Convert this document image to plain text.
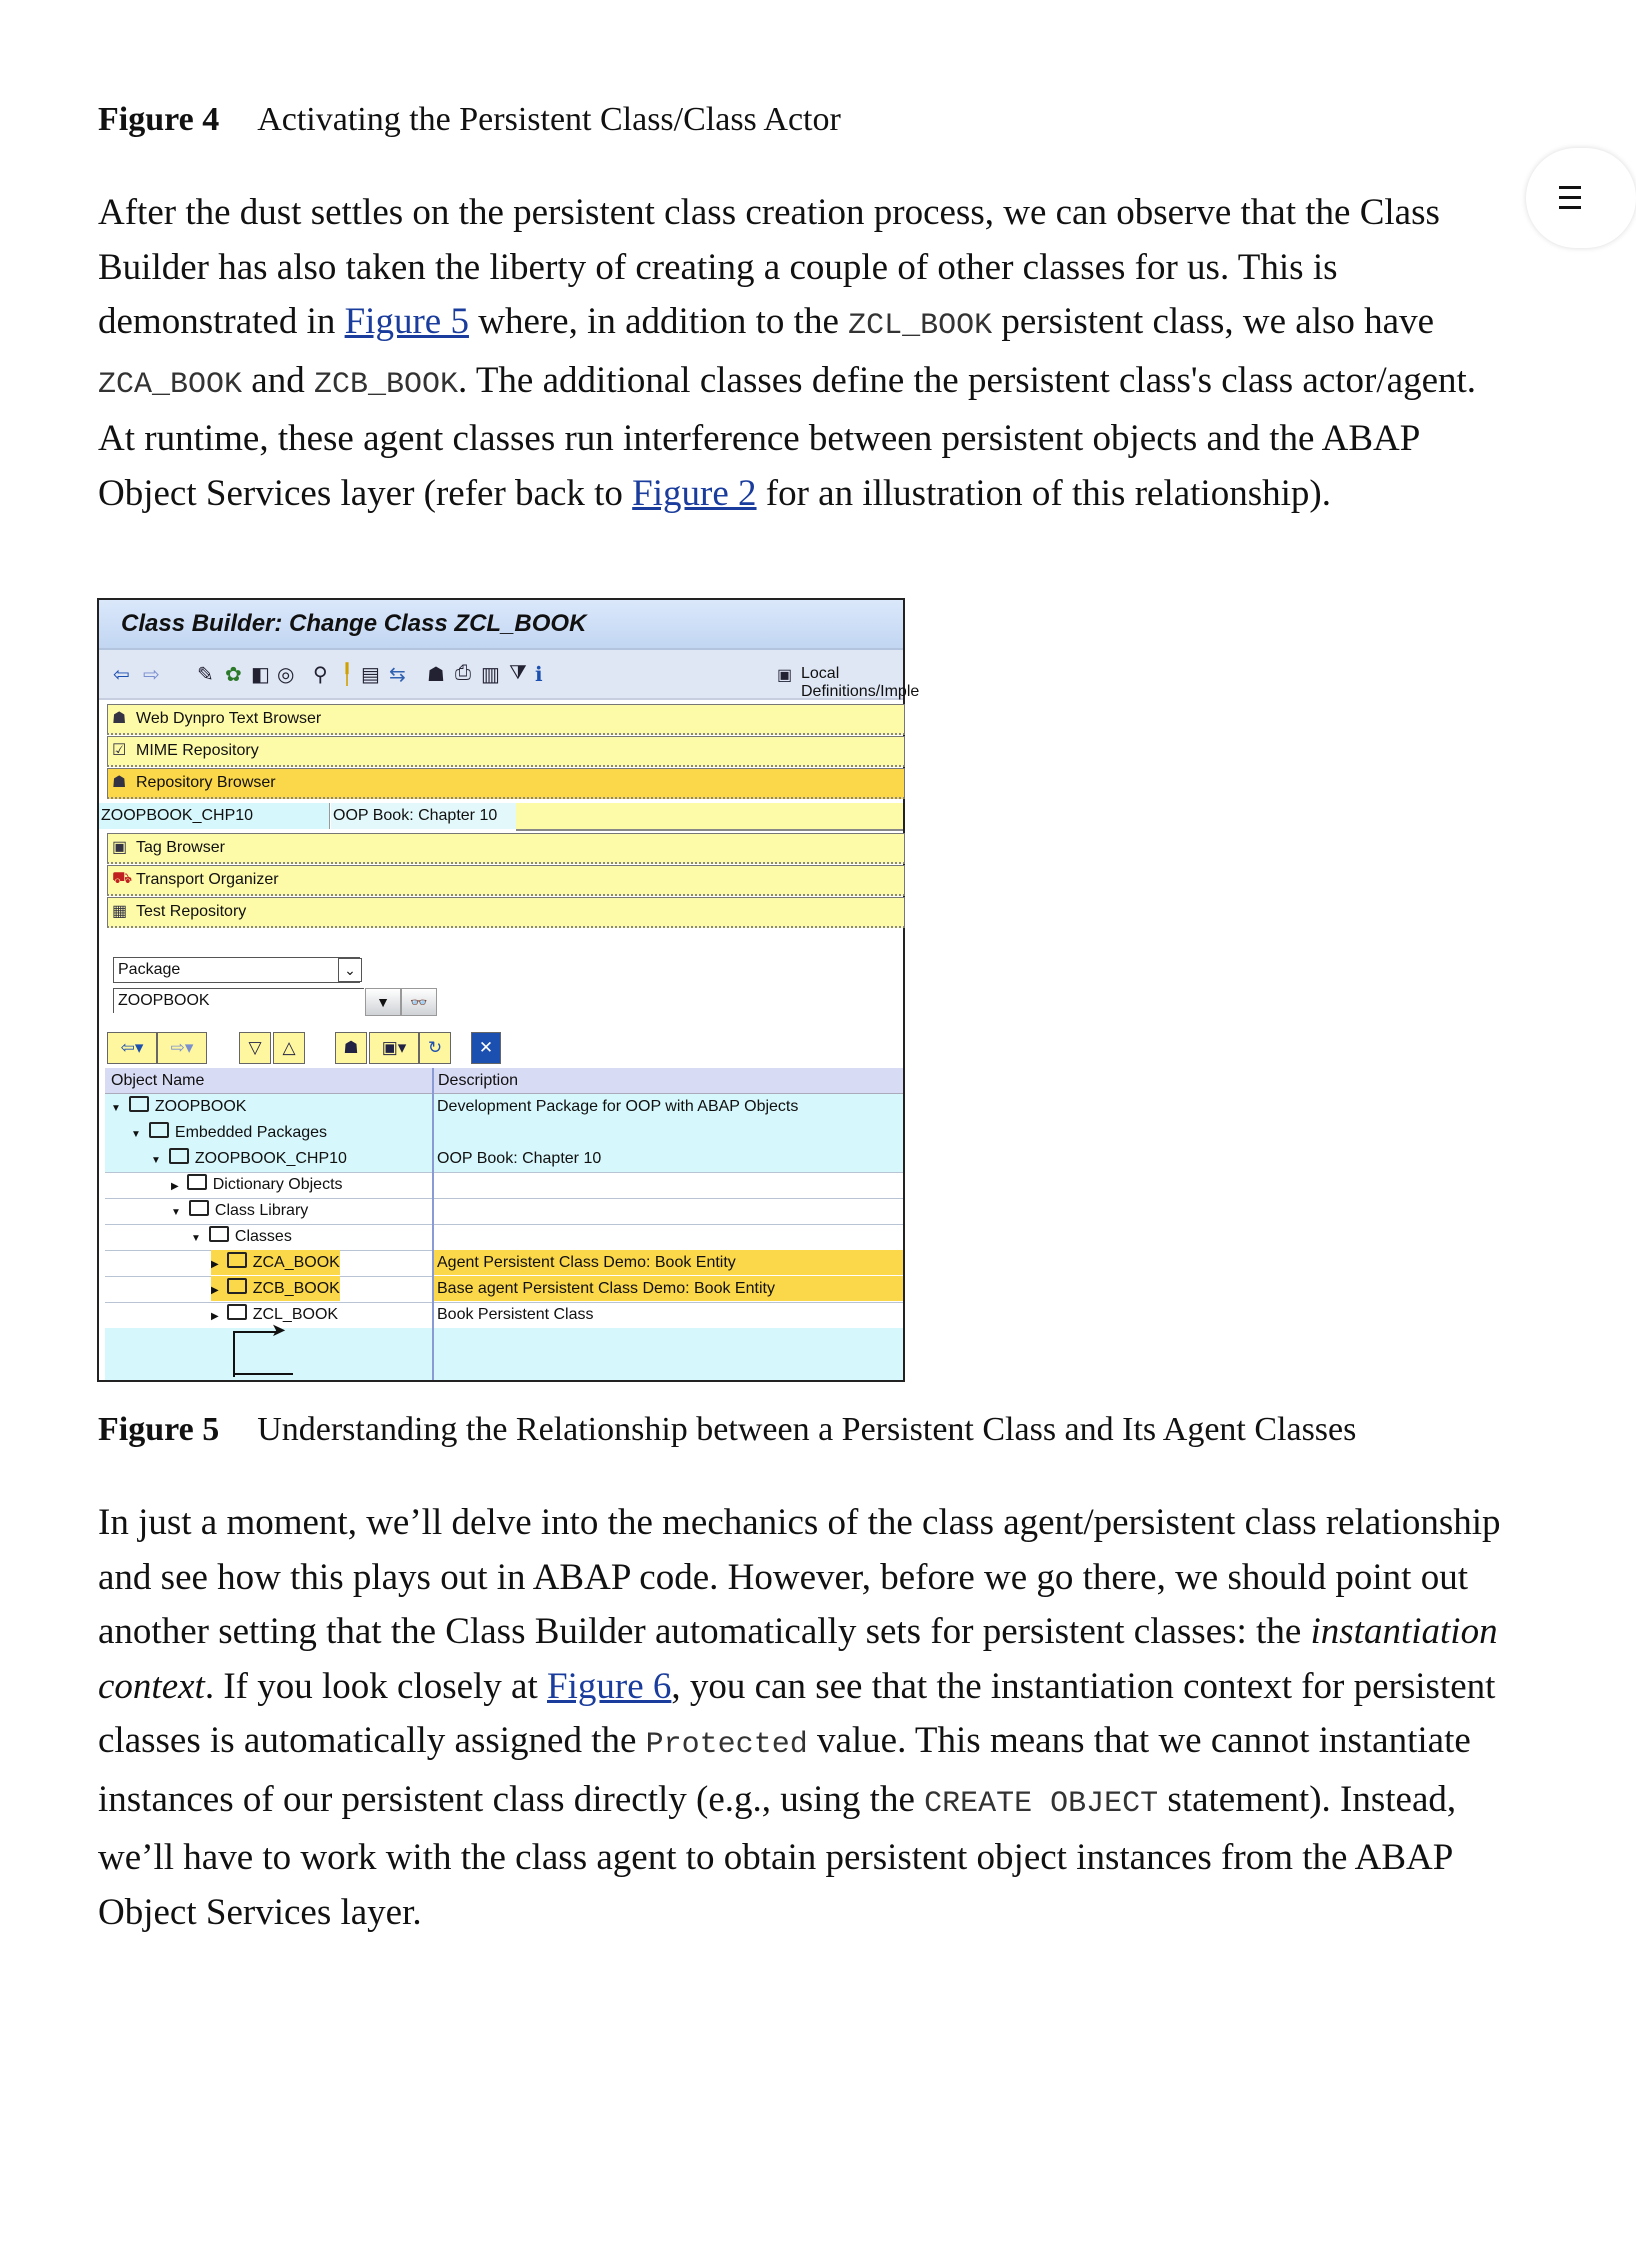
Figure 4 Activating the Persistent Class/Class Actor

After the dust settles on the persistent class creation process, we can observe that the Class Builder has also taken the liberty of creating a couple of other classes for us. This is demonstrated in Figure 5 where, in addition to the ZCL_BOOK persistent class, we also have ZCA_BOOK and ZCB_BOOK. The additional classes define the persistent class's class actor/agent. At runtime, these agent classes run interference between persistent objects and the ABAP Object Services layer (refer back to Figure 2 for an illustration of this relationship).

Class Builder: Change Class ZCL_BOOK
⇦ ⇨ ✎ ✿ ◧ ◎ ⚲ ╿ ▤ ⇆ ☗ ⎙ ▥ ⧩ ℹ	▣ Local Definitions/Imple
☗ Web Dynpro Text Browser
☑ MIME Repository
☗ Repository Browser
ZOOPBOOK_CHP10	OOP Book: Chapter 10
▣ Tag Browser
⛟ Transport Organizer
▦ Test Repository
Package	⌄
ZOOPBOOK	▼	👓
⇦▾	⇨▾	▽	△	☗	▣▾	↻	✕
Object Name	Description
▼ ZOOPBOOK	Development Package for OOP with ABAP Objects
▼ Embedded Packages
▼ ZOOPBOOK_CHP10	OOP Book: Chapter 10
▶ Dictionary Objects
▼ Class Library
▼ Classes
▶ ZCA_BOOK	Agent Persistent Class Demo: Book Entity
▶ ZCB_BOOK	Base agent Persistent Class Demo: Book Entity
▶ ZCL_BOOK	Book Persistent Class
➤
Figure 5 Understanding the Relationship between a Persistent Class and Its Agent Classes

In just a moment, we’ll delve into the mechanics of the class agent/persistent class relationship and see how this plays out in ABAP code. However, before we go there, we should point out another setting that the Class Builder automatically sets for persistent classes: the instantiation context. If you look closely at Figure 6, you can see that the instantiation context for persistent classes is automatically assigned the Protected value. This means that we cannot instantiate instances of our persistent class directly (e.g., using the CREATE OBJECT statement). Instead, we’ll have to work with the class agent to obtain persistent object instances from the ABAP Object Services layer.
